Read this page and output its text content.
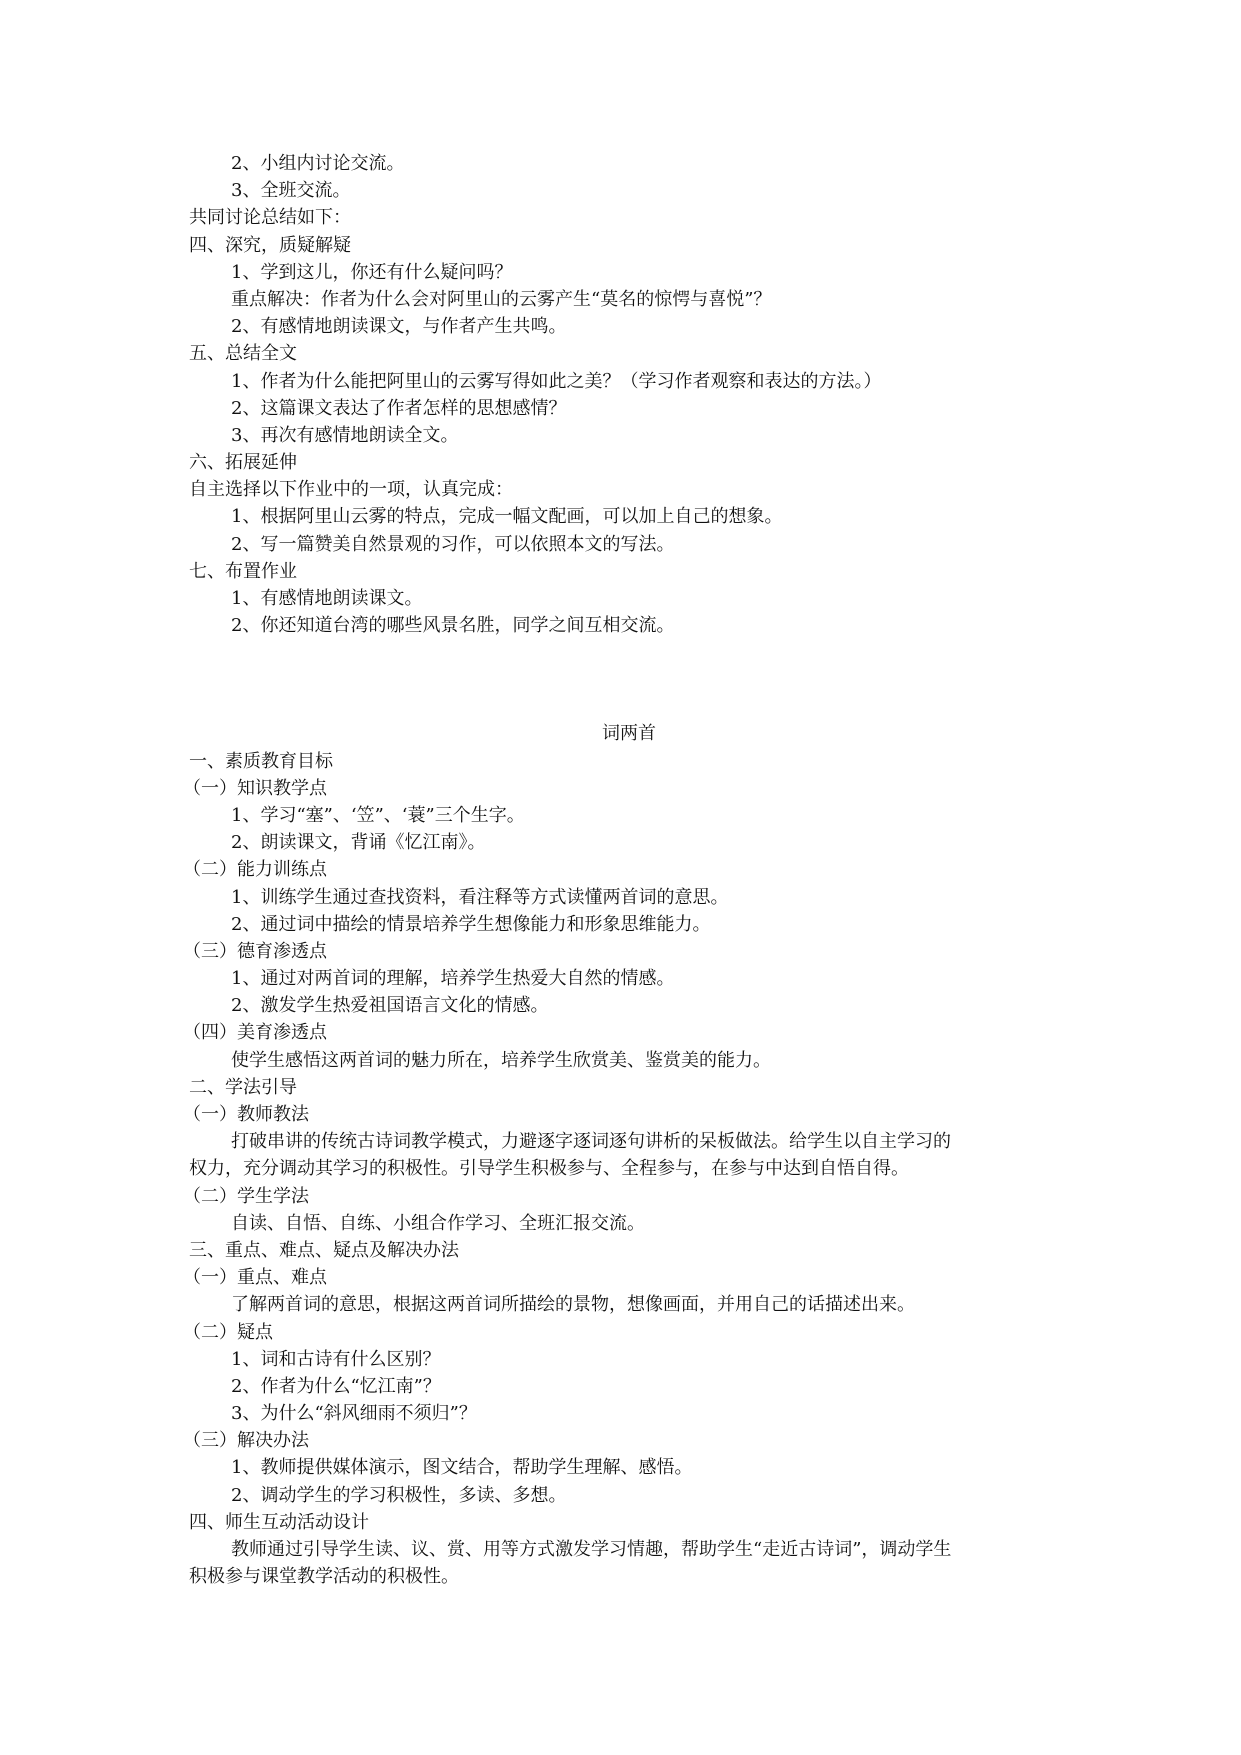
2、小组内讨论交流。
3、全班交流。
共同讨论总结如下：
四、深究，质疑解疑
1、学到这儿，你还有什么疑问吗？
重点解决：作者为什么会对阿里山的云雾产生“莫名的惊愕与喜悦”？
2、有感情地朗读课文，与作者产生共鸣。
五、总结全文
1、作者为什么能把阿里山的云雾写得如此之美？（学习作者观察和表达的方法。）
2、这篇课文表达了作者怎样的思想感情？
3、再次有感情地朗读全文。
六、拓展延伸
自主选择以下作业中的一项，认真完成：
1、根据阿里山云雾的特点，完成一幅文配画，可以加上自己的想象。
2、写一篇赞美自然景观的习作，可以依照本文的写法。
七、布置作业
1、有感情地朗读课文。
2、你还知道台湾的哪些风景名胜，同学之间互相交流。
词两首
一、素质教育目标
（一）知识教学点
1、学习“塞”、‘笠”、‘蓑”三个生字。
2、朗读课文，背诵《忆江南》。
（二）能力训练点
1、训练学生通过查找资料，看注释等方式读懂两首词的意思。
2、通过词中描绘的情景培养学生想像能力和形象思维能力。
（三）德育渗透点
1、通过对两首词的理解，培养学生热爱大自然的情感。
2、激发学生热爱祖国语言文化的情感。
（四）美育渗透点
使学生感悟这两首词的魅力所在，培养学生欣赏美、鉴赏美的能力。
二、学法引导
（一）教师教法
打破串讲的传统古诗词教学模式，力避逐字逐词逐句讲析的呆板做法。给学生以自主学习的
权力，充分调动其学习的积极性。引导学生积极参与、全程参与，在参与中达到自悟自得。
（二）学生学法
自读、自悟、自练、小组合作学习、全班汇报交流。
三、重点、难点、疑点及解决办法
（一）重点、难点
了解两首词的意思，根据这两首词所描绘的景物，想像画面，并用自己的话描述出来。
（二）疑点
1、词和古诗有什么区别？
2、作者为什么“忆江南”？
3、为什么“斜风细雨不须归”？
（三）解决办法
1、教师提供媒体演示，图文结合，帮助学生理解、感悟。
2、调动学生的学习积极性，多读、多想。
四、师生互动活动设计
教师通过引导学生读、议、赏、用等方式激发学习情趣，帮助学生“走近古诗词”，调动学生
积极参与课堂教学活动的积极性。
